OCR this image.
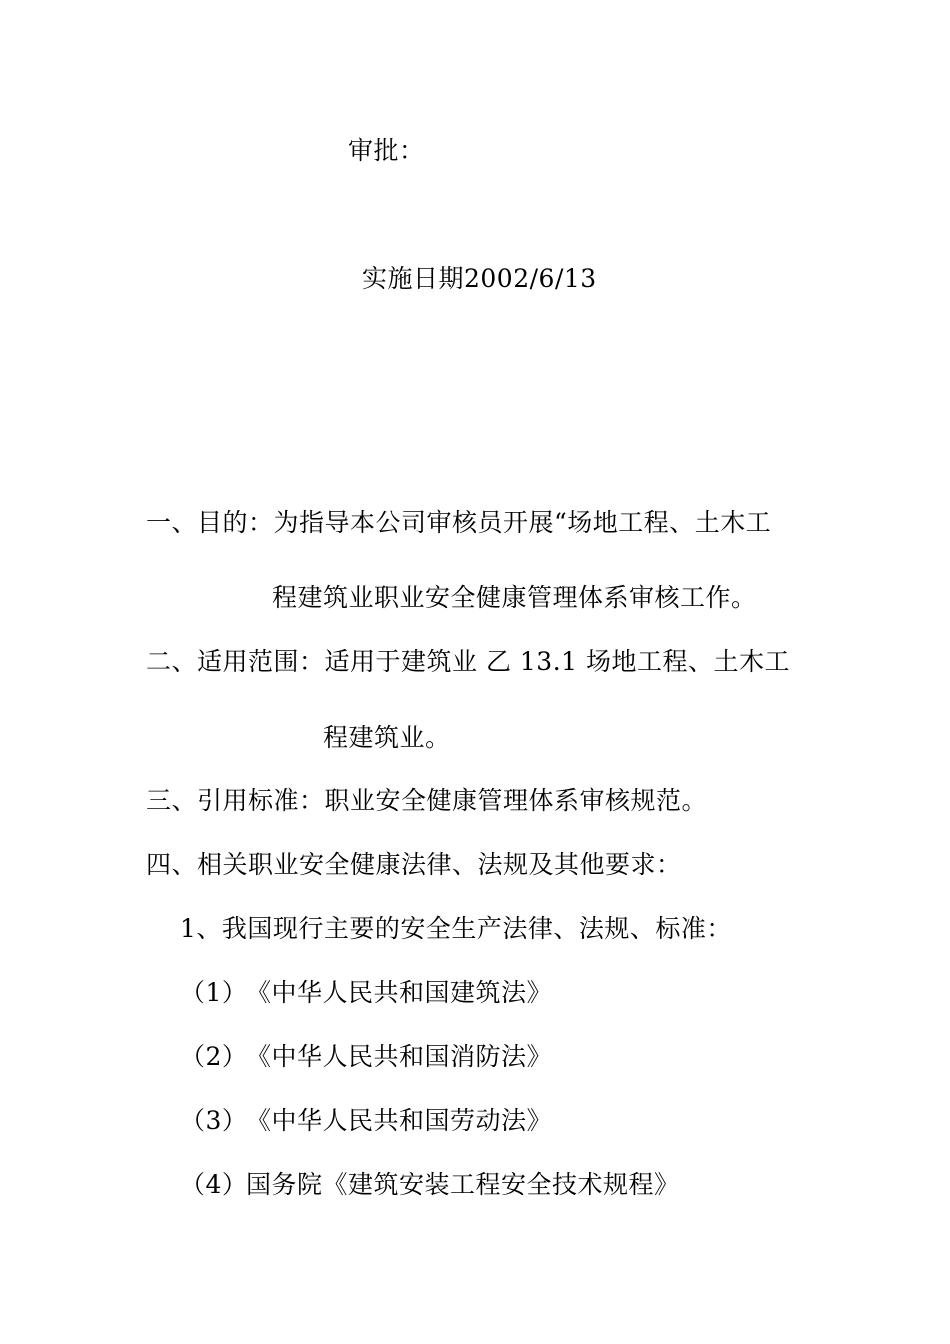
审批：
实施日期2002/6/13
一、目的：为指导本公司审核员开展“场地工程、土木工
程建筑业职业安全健康管理体系审核工作。
二、适用范围：适用于建筑业 乙 13.1 场地工程、土木工
程建筑业。
三、引用标准：职业安全健康管理体系审核规范。
四、相关职业安全健康法律、法规及其他要求：
1、我国现行主要的安全生产法律、法规、标准：
（1）《中华人民共和国建筑法》
（2）《中华人民共和国消防法》
（3）《中华人民共和国劳动法》
（4）国务院《建筑安装工程安全技术规程》
